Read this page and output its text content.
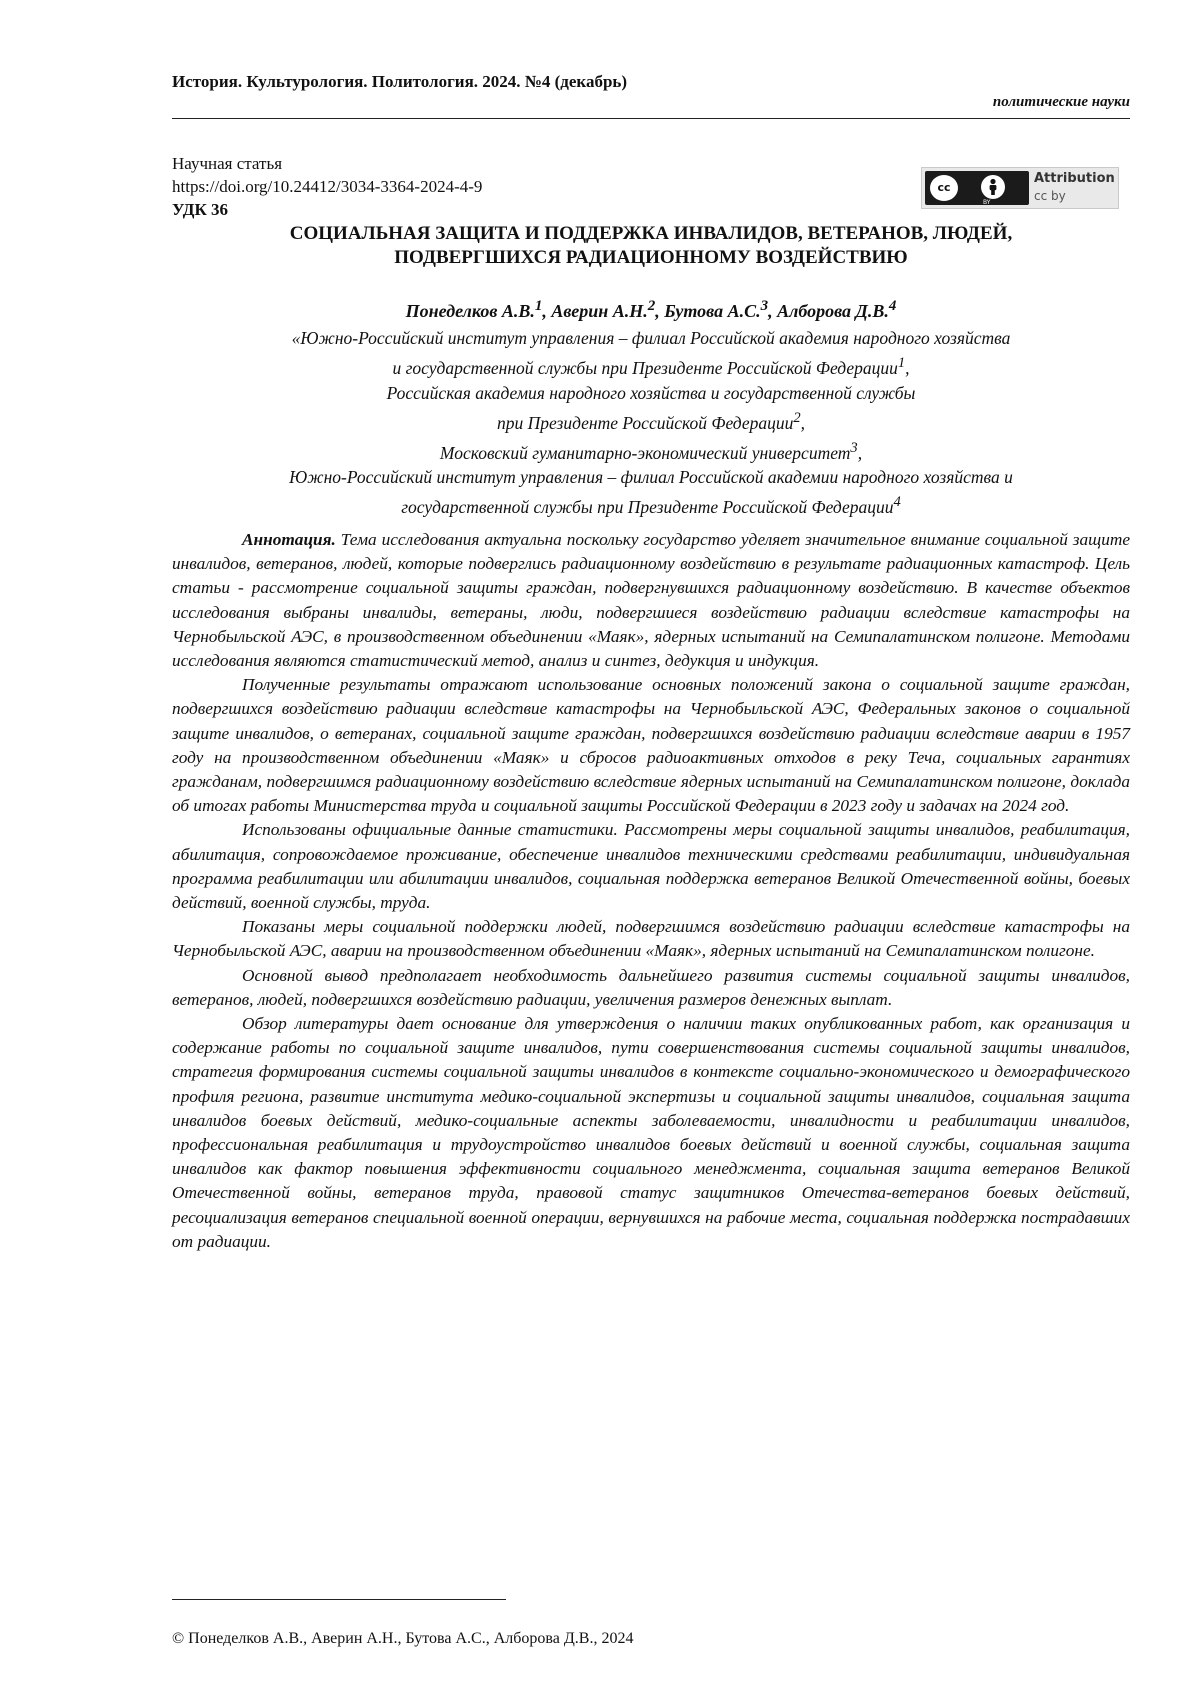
История. Культурология. Политология. 2024. №4 (декабрь)
политические науки
Научная статья
https://doi.org/10.24412/3034-3364-2024-4-9
УДК 36
cc
BY
Attribution
cc by
СОЦИАЛЬНАЯ ЗАЩИТА И ПОДДЕРЖКА ИНВАЛИДОВ, ВЕТЕРАНОВ, ЛЮДЕЙ,
ПОДВЕРГШИХСЯ РАДИАЦИОННОМУ ВОЗДЕЙСТВИЮ
Понеделков А.В.$^1$, Аверин А.Н.$^2$, Бутова А.С.$^3$, Алборова Д.В.$^4$
«Южно-Российский институт управления – филиал Российской академия народного хозяйства
и государственной службы при Президенте Российской Федерации$^1$,
Российская академия народного хозяйства и государственной службы
при Президенте Российской Федерации$^2$,
Московский гуманитарно-экономический университет$^3$,
Южно-Российский институт управления – филиал Российской академии народного хозяйства и
государственной службы при Президенте Российской Федерации$^4$

Аннотация. Тема исследования актуальна поскольку государство уделяет значительное внимание социальной защите инвалидов, ветеранов, людей, которые подверглись радиационному воздействию в результате радиационных катастроф. Цель статьи - рассмотрение социальной защиты граждан, подвергнувшихся радиационному воздействию. В качестве объектов исследования выбраны инвалиды, ветераны, люди, подвергшиеся воздействию радиации вследствие катастрофы на Чернобыльской АЭС, в производственном объединении «Маяк», ядерных испытаний на Семипалатинском полигоне. Методами исследования являются статистический метод, анализ и синтез, дедукция и индукция.

Полученные результаты отражают использование основных положений закона о социальной защите граждан, подвергшихся воздействию радиации вследствие катастрофы на Чернобыльской АЭС, Федеральных законов о социальной защите инвалидов, о ветеранах, социальной защите граждан, подвергшихся воздействию радиации вследствие аварии в 1957 году на производственном объединении «Маяк» и сбросов радиоактивных отходов в реку Теча, социальных гарантиях гражданам, подвергшимся радиационному воздействию вследствие ядерных испытаний на Семипалатинском полигоне, доклада об итогах работы Министерства труда и социальной защиты Российской Федерации в 2023 году и задачах на 2024 год.

Использованы официальные данные статистики. Рассмотрены меры социальной защиты инвалидов, реабилитация, абилитация, сопровождаемое проживание, обеспечение инвалидов техническими средствами реабилитации, индивидуальная программа реабилитации или абилитации инвалидов, социальная поддержка ветеранов Великой Отечественной войны, боевых действий, военной службы, труда.

Показаны меры социальной поддержки людей, подвергшимся воздействию радиации вследствие катастрофы на Чернобыльской АЭС, аварии на производственном объединении «Маяк», ядерных испытаний на Семипалатинском полигоне.

Основной вывод предполагает необходимость дальнейшего развития системы социальной защиты инвалидов, ветеранов, людей, подвергшихся воздействию радиации, увеличения размеров денежных выплат.

Обзор литературы дает основание для утверждения о наличии таких опубликованных работ, как организация и содержание работы по социальной защите инвалидов, пути совершенствования системы социальной защиты инвалидов, стратегия формирования системы социальной защиты инвалидов в контексте социально-экономического и демографического профиля региона, развитие института медико-социальной экспертизы и социальной защиты инвалидов, социальная защита инвалидов боевых действий, медико-социальные аспекты заболеваемости, инвалидности и реабилитации инвалидов, профессиональная реабилитация и трудоустройство инвалидов боевых действий и военной службы, социальная защита инвалидов как фактор повышения эффективности социального менеджмента, социальная защита ветеранов Великой Отечественной войны, ветеранов труда, правовой статус защитников Отечества-ветеранов боевых действий, ресоциализация ветеранов специальной военной операции, вернувшихся на рабочие места, социальная поддержка пострадавших от радиации.

© Понеделков А.В., Аверин А.Н., Бутова А.С., Алборова Д.В., 2024
